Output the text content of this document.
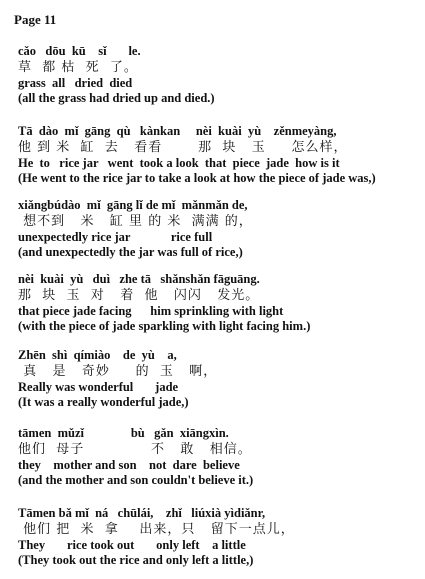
Page 11

cǎo   dōu  kū    sǐ       le.

草  都 枯  死  了。

grass  all   dried  died

(all the grass had dried up and died.)

Tā  dào  mǐ  gāng  qù   kànkan     nèi  kuài  yù    zěnmeyàng,

他 到 米  缸  去   看看       那  块   玉     怎么样，

He  to   rice jar   went  took a look  that  piece  jade  how is it

(He went to the rice jar to take a look at how the piece of jade was,)

xiǎngbúdào  mǐ  gāng lǐ de mǐ  mǎnmǎn de,

想不到   米   缸 里 的 米  满满 的，

unexpectedly rice jar             rice full

(and unexpectedly the jar was full of rice,)

nèi  kuài  yù   duì   zhe tā   shǎnshǎn fāguāng.

那  块  玉  对   着  他   闪闪   发光。

that piece jade facing      him sprinkling with light

(with the piece of jade sparkling with light facing him.)

Zhēn  shì  qímiào    de  yù    a,

真   是   奇妙     的  玉   啊，

Really was wonderful       jade

(It was a really wonderful jade,)

tāmen  mǔzǐ               bù   gǎn  xiāngxìn.

他们  母子             不   敢   相信。

they    mother and son    not  dare  believe

(and the mother and son couldn't believe it.)

Tāmen bǎ mǐ  ná   chūlái,    zhǐ   liúxià yìdiǎnr,

他们 把  米  拿    出来，只   留下一点儿，

They       rice took out       only left    a little

(They took out the rice and only left a little,)
